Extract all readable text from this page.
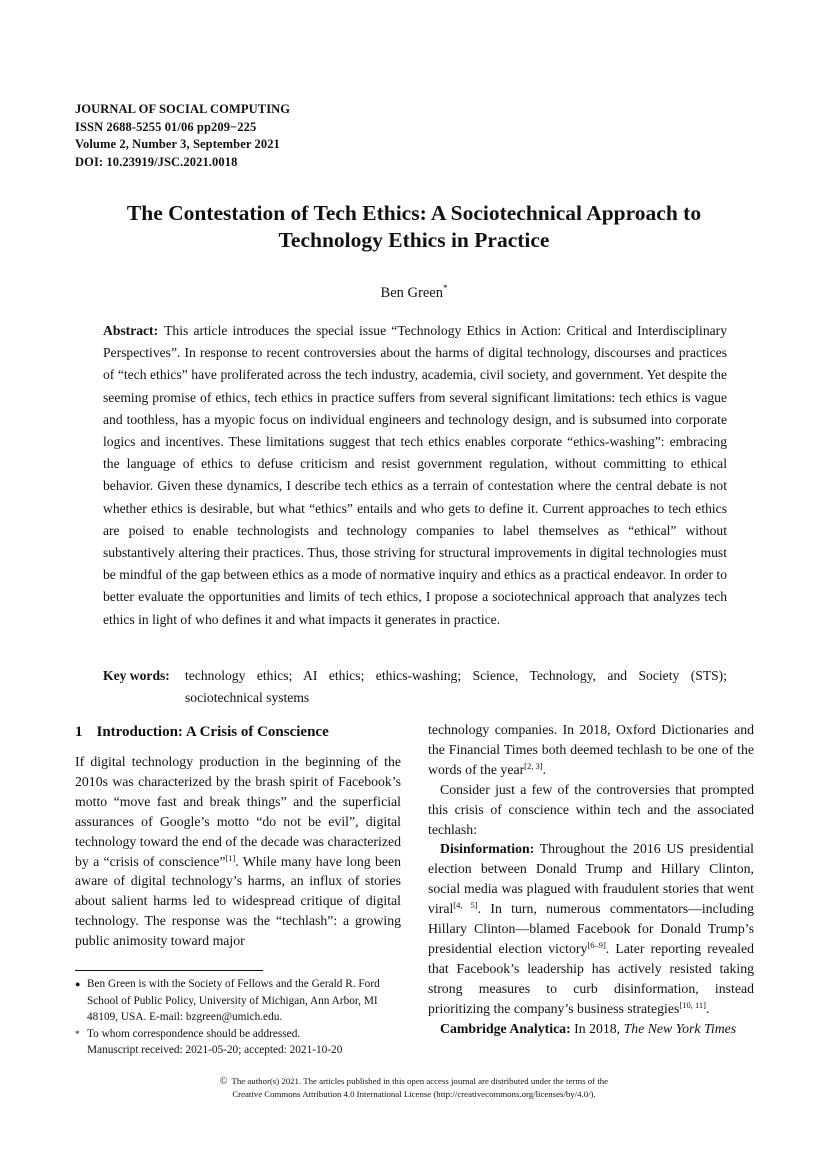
JOURNAL OF SOCIAL COMPUTING
ISSN 2688-5255 01/06 pp209−225
Volume 2, Number 3, September 2021
DOI: 10.23919/JSC.2021.0018
The Contestation of Tech Ethics: A Sociotechnical Approach to
Technology Ethics in Practice
Ben Green*
Abstract: This article introduces the special issue “Technology Ethics in Action: Critical and Interdisciplinary Perspectives”. In response to recent controversies about the harms of digital technology, discourses and practices of “tech ethics” have proliferated across the tech industry, academia, civil society, and government. Yet despite the seeming promise of ethics, tech ethics in practice suffers from several significant limitations: tech ethics is vague and toothless, has a myopic focus on individual engineers and technology design, and is subsumed into corporate logics and incentives. These limitations suggest that tech ethics enables corporate “ethics-washing”: embracing the language of ethics to defuse criticism and resist government regulation, without committing to ethical behavior. Given these dynamics, I describe tech ethics as a terrain of contestation where the central debate is not whether ethics is desirable, but what “ethics” entails and who gets to define it. Current approaches to tech ethics are poised to enable technologists and technology companies to label themselves as “ethical” without substantively altering their practices. Thus, those striving for structural improvements in digital technologies must be mindful of the gap between ethics as a mode of normative inquiry and ethics as a practical endeavor. In order to better evaluate the opportunities and limits of tech ethics, I propose a sociotechnical approach that analyzes tech ethics in light of who defines it and what impacts it generates in practice.
Key words:	technology ethics; AI ethics; ethics-washing; Science, Technology, and Society (STS); sociotechnical systems
1 Introduction: A Crisis of Conscience

If digital technology production in the beginning of the 2010s was characterized by the brash spirit of Facebook’s motto “move fast and break things” and the superficial assurances of Google’s motto “do not be evil”, digital technology toward the end of the decade was characterized by a “crisis of conscience”[1]. While many have long been aware of digital technology’s harms, an influx of stories about salient harms led to widespread critique of digital technology. The response was the “techlash”: a growing public animosity toward major

technology companies. In 2018, Oxford Dictionaries and the Financial Times both deemed techlash to be one of the words of the year[2, 3].

Consider just a few of the controversies that prompted this crisis of conscience within tech and the associated techlash:

Disinformation: Throughout the 2016 US presidential election between Donald Trump and Hillary Clinton, social media was plagued with fraudulent stories that went viral[4, 5]. In turn, numerous commentators—including Hillary Clinton—blamed Facebook for Donald Trump’s presidential election victory[6–9]. Later reporting revealed that Facebook’s leadership has actively resisted taking strong measures to curb disinformation, instead prioritizing the company’s business strategies[10, 11].

Cambridge Analytica: In 2018, The New York Times

● Ben Green is with the Society of Fellows and the Gerald R. Ford School of Public Policy, University of Michigan, Ann Arbor, MI 48109, USA. E-mail: bzgreen@umich.edu.
* To whom correspondence should be addressed.
Manuscript received: 2021-05-20; accepted: 2021-10-20
© The author(s) 2021. The articles published in this open access journal are distributed under the terms of the
Creative Commons Attribution 4.0 International License (http://creativecommons.org/licenses/by/4.0/).
